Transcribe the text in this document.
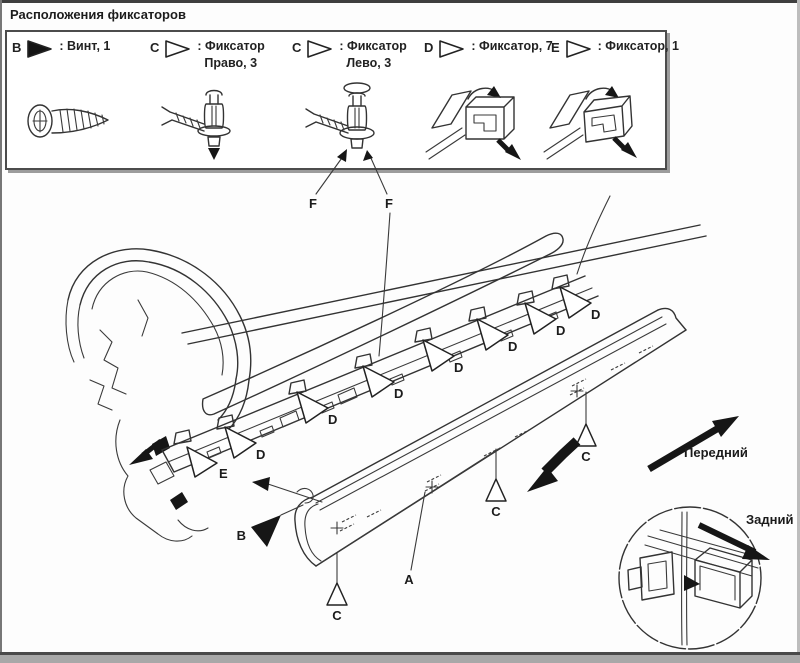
Расположения фиксаторов
B	: Винт, 1	C	: Фиксатор
Право, 3
C	: Фиксатор
Лево, 3
D	: Фиксатор, 7
E	: Фиксатор, 1
F	F
D
D
D
D
D
D
D
E
A
C
C
C
B
Передний
Задний
